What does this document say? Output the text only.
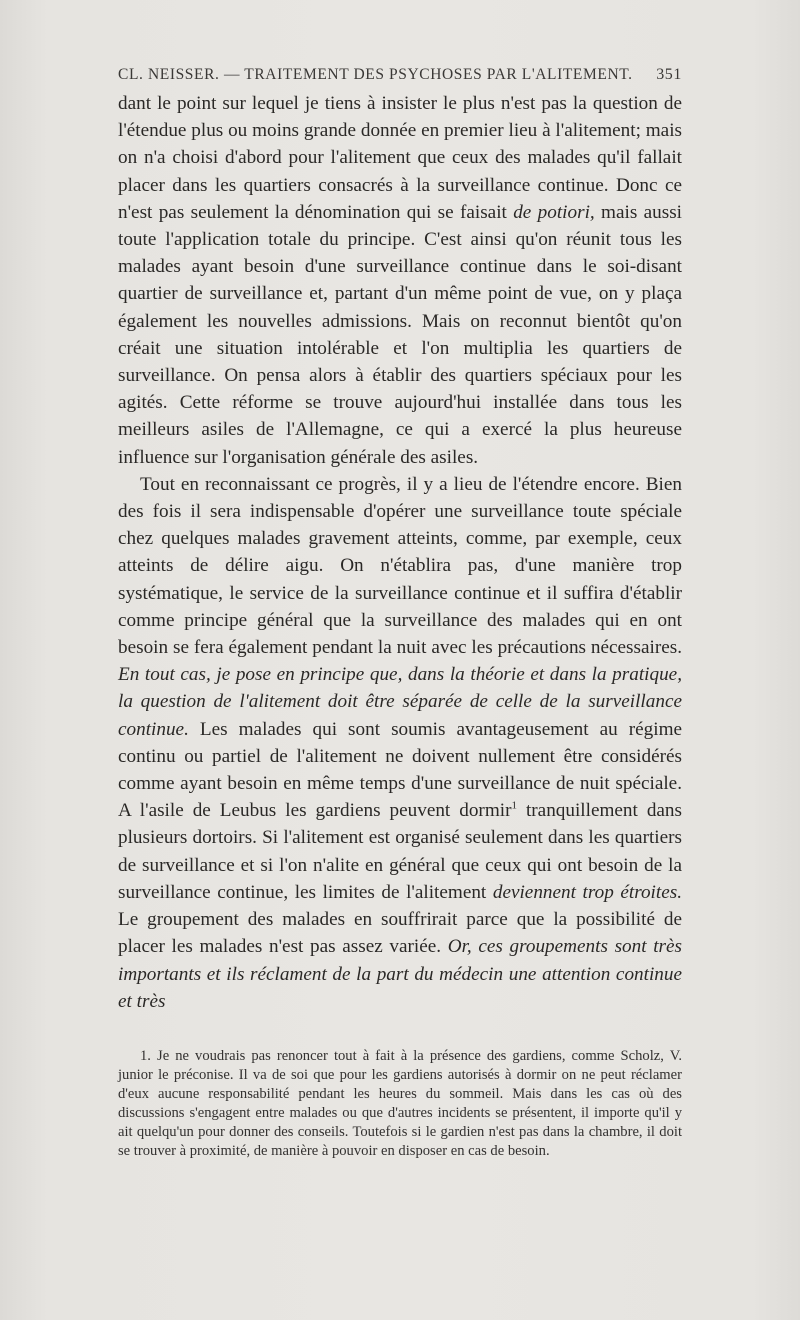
CL. NEISSER. — TRAITEMENT DES PSYCHOSES PAR L'ALITEMENT. 351

dant le point sur lequel je tiens à insister le plus n'est pas la question de l'étendue plus ou moins grande donnée en premier lieu à l'alitement; mais on n'a choisi d'abord pour l'alitement que ceux des malades qu'il fallait placer dans les quartiers consacrés à la surveillance continue. Donc ce n'est pas seulement la dénomination qui se faisait de potiori, mais aussi toute l'application totale du principe. C'est ainsi qu'on réunit tous les malades ayant besoin d'une surveillance continue dans le soi-disant quartier de surveillance et, partant d'un même point de vue, on y plaça également les nouvelles admissions. Mais on reconnut bientôt qu'on créait une situation intolérable et l'on multiplia les quartiers de surveillance. On pensa alors à établir des quartiers spéciaux pour les agités. Cette réforme se trouve aujourd'hui installée dans tous les meilleurs asiles de l'Allemagne, ce qui a exercé la plus heureuse influence sur l'organisation générale des asiles.

Tout en reconnaissant ce progrès, il y a lieu de l'étendre encore. Bien des fois il sera indispensable d'opérer une surveillance toute spéciale chez quelques malades gravement atteints, comme, par exemple, ceux atteints de délire aigu. On n'établira pas, d'une manière trop systématique, le service de la surveillance continue et il suffira d'établir comme principe général que la surveillance des malades qui en ont besoin se fera également pendant la nuit avec les précautions nécessaires. En tout cas, je pose en principe que, dans la théorie et dans la pratique, la question de l'alitement doit être séparée de celle de la surveillance continue. Les malades qui sont soumis avantageusement au régime continu ou partiel de l'alitement ne doivent nullement être considérés comme ayant besoin en même temps d'une surveillance de nuit spéciale. A l'asile de Leubus les gardiens peuvent dormir$^1$ tranquillement dans plusieurs dortoirs. Si l'alitement est organisé seulement dans les quartiers de surveillance et si l'on n'alite en général que ceux qui ont besoin de la surveillance continue, les limites de l'alitement deviennent trop étroites. Le groupement des malades en souffrirait parce que la possibilité de placer les malades n'est pas assez variée. Or, ces groupements sont très importants et ils réclament de la part du médecin une attention continue et très

1. Je ne voudrais pas renoncer tout à fait à la présence des gardiens, comme Scholz, V. junior le préconise. Il va de soi que pour les gardiens autorisés à dormir on ne peut réclamer d'eux aucune responsabilité pendant les heures du sommeil. Mais dans les cas où des discussions s'engagent entre malades ou que d'autres incidents se présentent, il importe qu'il y ait quelqu'un pour donner des conseils. Toutefois si le gardien n'est pas dans la chambre, il doit se trouver à proximité, de manière à pouvoir en disposer en cas de besoin.
